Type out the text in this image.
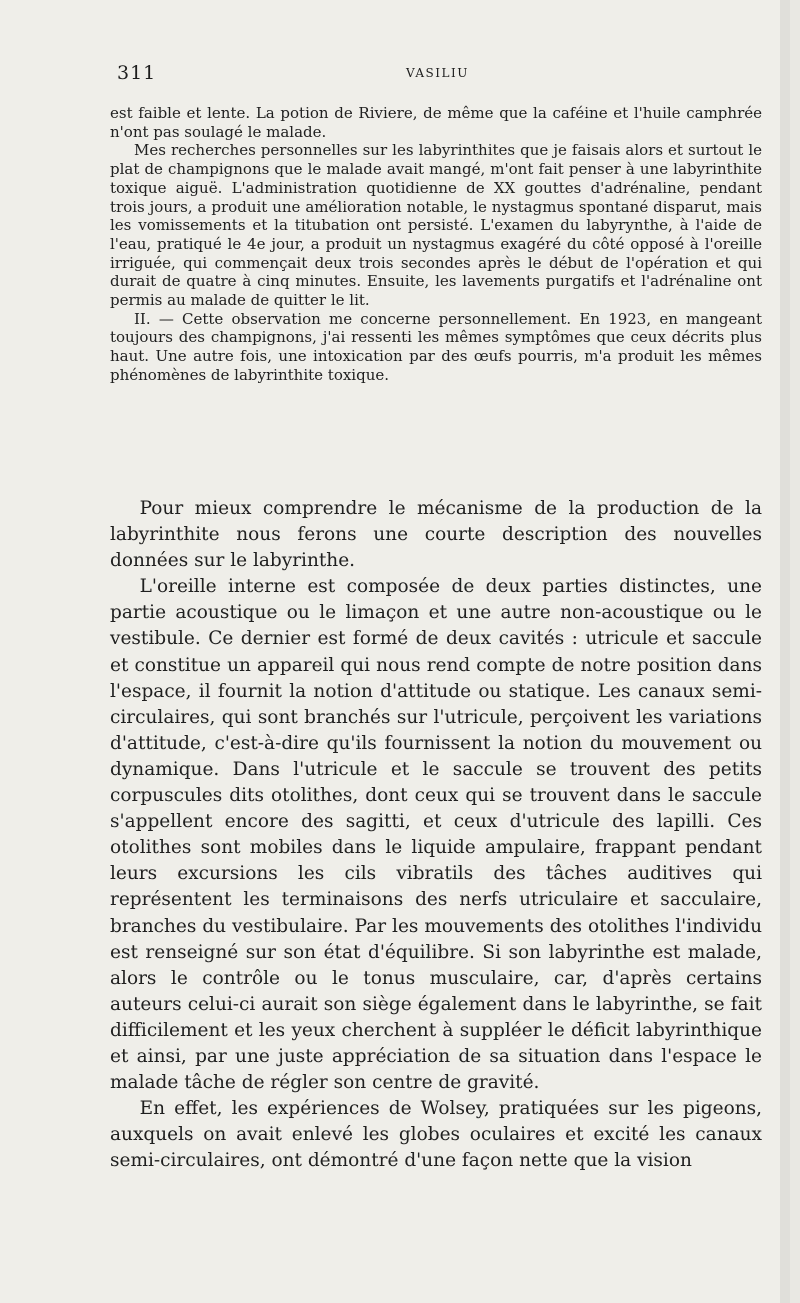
311	VASILIU

est faible et lente. La potion de Riviere, de même que la caféine et l'huile camphrée n'ont pas soulagé le malade.

Mes recherches personnelles sur les labyrinthites que je faisais alors et surtout le plat de champignons que le malade avait mangé, m'ont fait penser à une labyrinthite toxique aiguë. L'administration quotidienne de XX gouttes d'adrénaline, pendant trois jours, a produit une amélioration notable, le nystagmus spontané disparut, mais les vomissements et la titubation ont persisté. L'examen du labyrynthe, à l'aide de l'eau, pratiqué le 4e jour, a produit un nystagmus exagéré du côté opposé à l'oreille irriguée, qui commençait deux trois secondes après le début de l'opération et qui durait de quatre à cinq minutes. Ensuite, les lavements purgatifs et l'adrénaline ont permis au malade de quitter le lit.

II. — Cette observation me concerne personnellement. En 1923, en mangeant toujours des champignons, j'ai ressenti les mêmes symptômes que ceux décrits plus haut. Une autre fois, une intoxication par des œufs pourris, m'a produit les mêmes phénomènes de labyrinthite toxique.

Pour mieux comprendre le mécanisme de la production de la labyrinthite nous ferons une courte description des nouvelles données sur le labyrinthe.

L'oreille interne est composée de deux parties distinctes, une partie acoustique ou le limaçon et une autre non-acoustique ou le vestibule. Ce dernier est formé de deux cavités : utricule et saccule et constitue un appareil qui nous rend compte de notre position dans l'espace, il fournit la notion d'attitude ou statique. Les canaux semi-circulaires, qui sont branchés sur l'utricule, perçoivent les variations d'attitude, c'est-à-dire qu'ils fournissent la notion du mouvement ou dynamique. Dans l'utricule et le saccule se trouvent des petits corpuscules dits otolithes, dont ceux qui se trouvent dans le saccule s'appellent encore des sagitti, et ceux d'utricule des lapilli. Ces otolithes sont mobiles dans le liquide ampulaire, frappant pendant leurs excursions les cils vibratils des tâches auditives qui représentent les terminaisons des nerfs utriculaire et sacculaire, branches du vestibulaire. Par les mouvements des otolithes l'individu est renseigné sur son état d'équilibre. Si son labyrinthe est malade, alors le contrôle ou le tonus musculaire, car, d'après certains auteurs celui-ci aurait son siège également dans le labyrinthe, se fait difficilement et les yeux cherchent à suppléer le déficit labyrinthique et ainsi, par une juste appréciation de sa situation dans l'espace le malade tâche de régler son centre de gravité.

En effet, les expériences de Wolsey, pratiquées sur les pigeons, auxquels on avait enlevé les globes oculaires et excité les canaux semi-circulaires, ont démontré d'une façon nette que la vision
